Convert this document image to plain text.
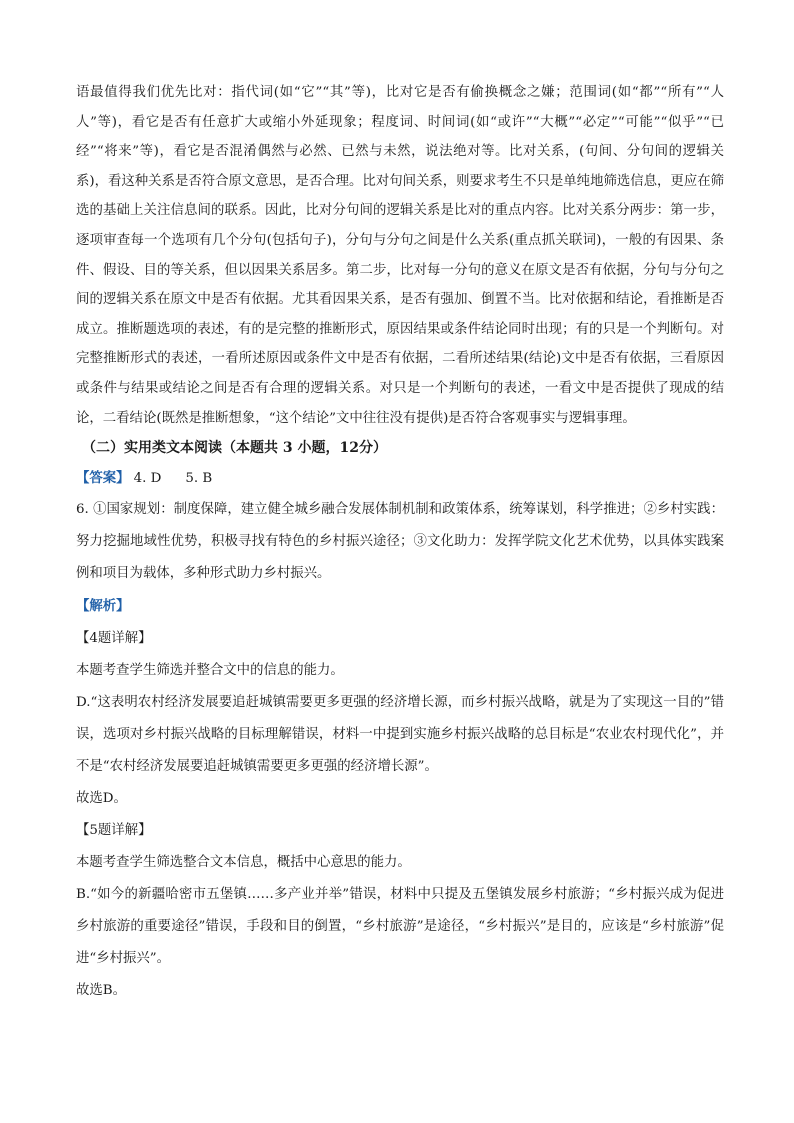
语最值得我们优先比对：指代词(如“它”“其”等)，比对它是否有偷换概念之嫌；范围词(如“都”“所有”“人人”等)，看它是否有任意扩大或缩小外延现象；程度词、时间词(如“或许”“大概”“必定”“可能”“似乎”“已经”“将来”等)，看它是否混淆偶然与必然、已然与未然，说法绝对等。比对关系，(句间、分句间的逻辑关系)，看这种关系是否符合原文意思，是否合理。比对句间关系，则要求考生不只是单纯地筛选信息，更应在筛选的基础上关注信息间的联系。因此，比对分句间的逻辑关系是比对的重点内容。比对关系分两步：第一步，逐项审查每一个选项有几个分句(包括句子)，分句与分句之间是什么关系(重点抓关联词)，一般的有因果、条件、假设、目的等关系，但以因果关系居多。第二步，比对每一分句的意义在原文是否有依据，分句与分句之间的逻辑关系在原文中是否有依据。尤其看因果关系，是否有强加、倒置不当。比对依据和结论，看推断是否成立。推断题选项的表述，有的是完整的推断形式，原因结果或条件结论同时出现；有的只是一个判断句。对完整推断形式的表述，一看所述原因或条件文中是否有依据，二看所述结果(结论)文中是否有依据，三看原因或条件与结果或结论之间是否有合理的逻辑关系。对只是一个判断句的表述，一看文中是否提供了现成的结论，二看结论(既然是推断想象，“这个结论”文中往往没有提供)是否符合客观事实与逻辑事理。

（二）实用类文本阅读（本题共 3 小题，12分）

【答案】 4. D 5. B

6. ①国家规划：制度保障，建立健全城乡融合发展体制机制和政策体系，统筹谋划，科学推进；②乡村实践：努力挖掘地域性优势，积极寻找有特色的乡村振兴途径；③文化助力：发挥学院文化艺术优势，以具体实践案例和项目为载体，多种形式助力乡村振兴。

【解析】

【4题详解】

本题考查学生筛选并整合文中的信息的能力。

D.“这表明农村经济发展要追赶城镇需要更多更强的经济增长源，而乡村振兴战略，就是为了实现这一目的”错误，选项对乡村振兴战略的目标理解错误，材料一中提到实施乡村振兴战略的总目标是“农业农村现代化”，并不是“农村经济发展要追赶城镇需要更多更强的经济增长源”。

故选D。

【5题详解】

本题考查学生筛选整合文本信息，概括中心意思的能力。

B.“如今的新疆哈密市五堡镇……多产业并举”错误，材料中只提及五堡镇发展乡村旅游；“乡村振兴成为促进乡村旅游的重要途径”错误，手段和目的倒置，“乡村旅游”是途径，“乡村振兴”是目的，应该是“乡村旅游”促进“乡村振兴”。

故选B。
